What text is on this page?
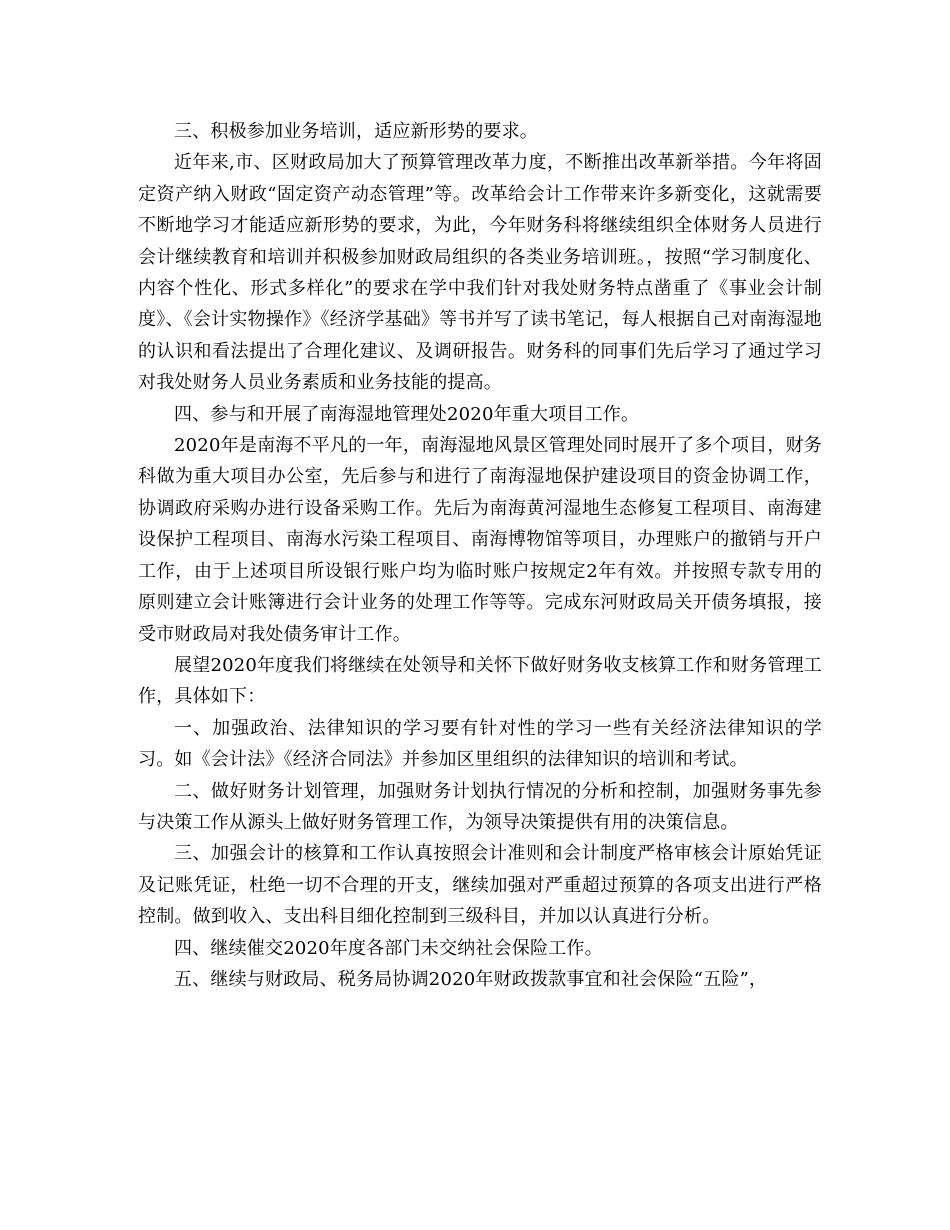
三、积极参加业务培训，适应新形势的要求。

近年来,市、区财政局加大了预算管理改革力度，不断推出改革新举措。今年将固定资产纳入财政“固定资产动态管理”等。改革给会计工作带来许多新变化，这就需要不断地学习才能适应新形势的要求，为此，今年财务科将继续组织全体财务人员进行会计继续教育和培训并积极参加财政局组织的各类业务培训班。，按照“学习制度化、内容个性化、形式多样化”的要求在学中我们针对我处财务特点凿重了《事业会计制度》、《会计实物操作》《经济学基础》等书并写了读书笔记，每人根据自己对南海湿地的认识和看法提出了合理化建议、及调研报告。财务科的同事们先后学习了通过学习对我处财务人员业务素质和业务技能的提高。

四、参与和开展了南海湿地管理处2020年重大项目工作。

2020年是南海不平凡的一年，南海湿地风景区管理处同时展开了多个项目，财务科做为重大项目办公室，先后参与和进行了南海湿地保护建设项目的资金协调工作，协调政府采购办进行设备采购工作。先后为南海黄河湿地生态修复工程项目、南海建设保护工程项目、南海水污染工程项目、南海博物馆等项目，办理账户的撤销与开户工作，由于上述项目所设银行账户均为临时账户按规定2年有效。并按照专款专用的原则建立会计账簿进行会计业务的处理工作等等。完成东河财政局关开债务填报，接受市财政局对我处债务审计工作。

展望2020年度我们将继续在处领导和关怀下做好财务收支核算工作和财务管理工作，具体如下：

一、加强政治、法律知识的学习要有针对性的学习一些有关经济法律知识的学习。如《会计法》《经济合同法》并参加区里组织的法律知识的培训和考试。

二、做好财务计划管理，加强财务计划执行情况的分析和控制，加强财务事先参与决策工作从源头上做好财务管理工作，为领导决策提供有用的决策信息。

三、加强会计的核算和工作认真按照会计准则和会计制度严格审核会计原始凭证及记账凭证，杜绝一切不合理的开支，继续加强对严重超过预算的各项支出进行严格控制。做到收入、支出科目细化控制到三级科目，并加以认真进行分析。

四、继续催交2020年度各部门未交纳社会保险工作。

五、继续与财政局、税务局协调2020年财政拨款事宜和社会保险“五险”，
